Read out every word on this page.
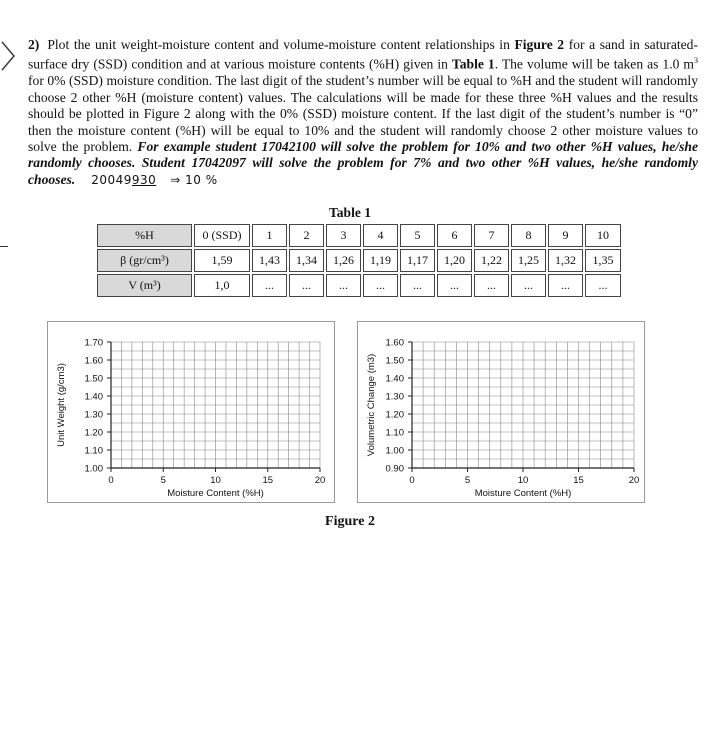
2) Plot the unit weight-moisture content and volume-moisture content relationships in Figure 2 for a sand in saturated-surface dry (SSD) condition and at various moisture contents (%H) given in Table 1. The volume will be taken as 1.0 $m^3$ for 0% (SSD) moisture condition. The last digit of the student’s number will be equal to %H and the student will randomly choose 2 other %H (moisture content) values. The calculations will be made for these three %H values and the results should be plotted in Figure 2 along with the 0% (SSD) moisture content. If the last digit of the student’s number is “0” then the moisture content (%H) will be equal to 10% and the student will randomly choose 2 other moisture values to solve the problem. For example student 17042100 will solve the problem for 10% and two other %H values, he/she randomly chooses. Student 17042097 will solve the problem for 7% and two other %H values, he/she randomly chooses. 20049930 ⇒ 10 %
Table 1
%H	0 (SSD)	1	2	3	4	5	6	7	8	9	10
β (gr/cm³)	1,59	1,43	1,34	1,26	1,19	1,17	1,20	1,22	1,25	1,32	1,35
V (m³)	1,0	...	...	...	...	...	...	...	...	...	...
1.00
1.10
1.20
1.30
1.40
1.50
1.60
1.70
0	5	10	15	20
Moisture Content (%H)
Unit Weight (g/cm3)
0.90
1.00
1.10
1.20
1.30
1.40
1.50
1.60
0	5	10	15	20
Moisture Content (%H)
Volumetric Change (m3)
Figure 2
